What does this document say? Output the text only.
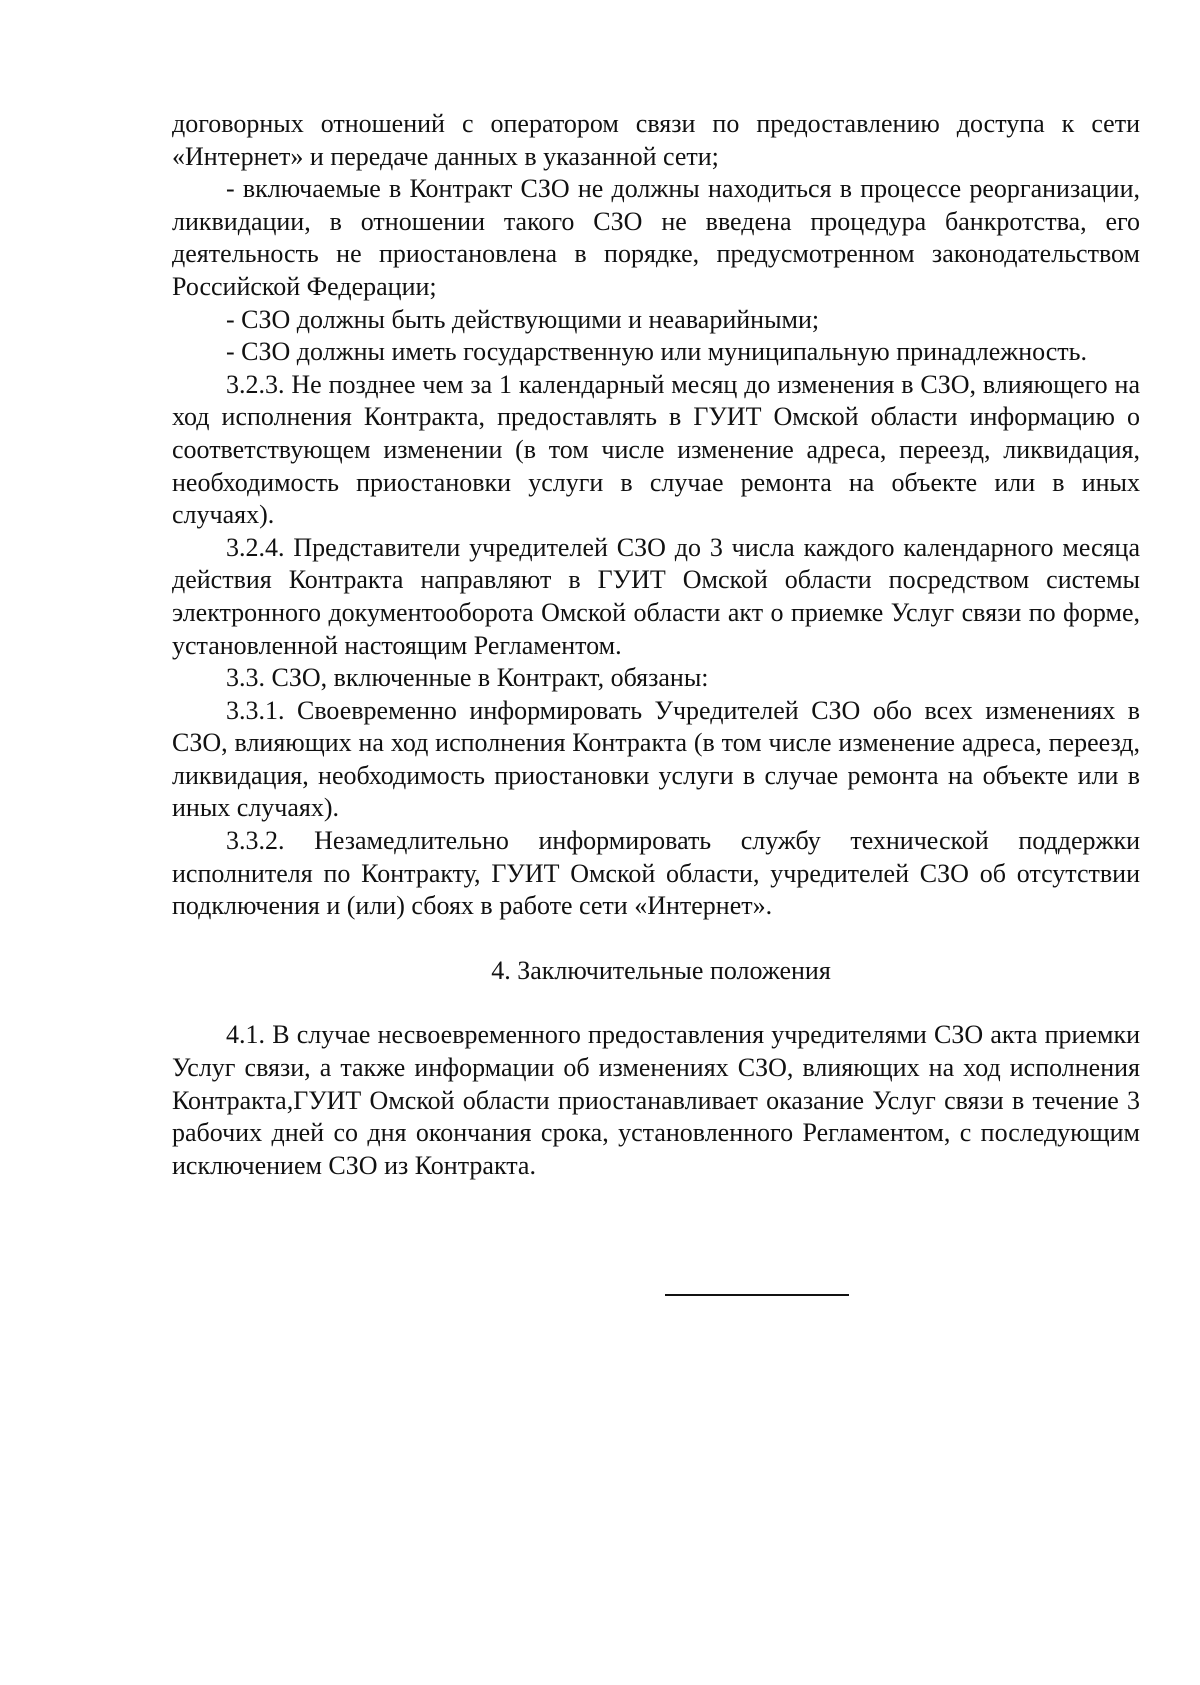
договорных отношений с оператором связи по предоставлению доступа к сети «Интернет» и передаче данных в указанной сети;

- включаемые в Контракт СЗО не должны находиться в процессе реорганизации, ликвидации, в отношении такого СЗО не введена процедура банкротства, его деятельность не приостановлена в порядке, предусмотренном законодательством Российской Федерации;

- СЗО должны быть действующими и неаварийными;

- СЗО должны иметь государственную или муниципальную принадлежность.

3.2.3. Не позднее чем за 1 календарный месяц до изменения в СЗО, влияющего на ход исполнения Контракта, предоставлять в ГУИТ Омской области информацию о соответствующем изменении (в том числе изменение адреса, переезд, ликвидация, необходимость приостановки услуги в случае ремонта на объекте или в иных случаях).

3.2.4. Представители учредителей СЗО до 3 числа каждого календарного месяца действия Контракта направляют в ГУИТ Омской области посредством системы электронного документооборота Омской области акт о приемке Услуг связи по форме, установленной настоящим Регламентом.

3.3. СЗО, включенные в Контракт, обязаны:

3.3.1. Своевременно информировать Учредителей СЗО обо всех изменениях в СЗО, влияющих на ход исполнения Контракта (в том числе изменение адреса, переезд, ликвидация, необходимость приостановки услуги в случае ремонта на объекте или в иных случаях).

3.3.2. Незамедлительно информировать службу технической поддержки исполнителя по Контракту, ГУИТ Омской области, учредителей СЗО об отсутствии подключения и (или) сбоях в работе сети «Интернет».

4. Заключительные положения

4.1. В случае несвоевременного предоставления учредителями СЗО акта приемки Услуг связи, а также информации об изменениях СЗО, влияющих на ход исполнения Контракта,ГУИТ Омской области приостанавливает оказание Услуг связи в течение 3 рабочих дней со дня окончания срока, установленного Регламентом, с последующим исключением СЗО из Контракта.
